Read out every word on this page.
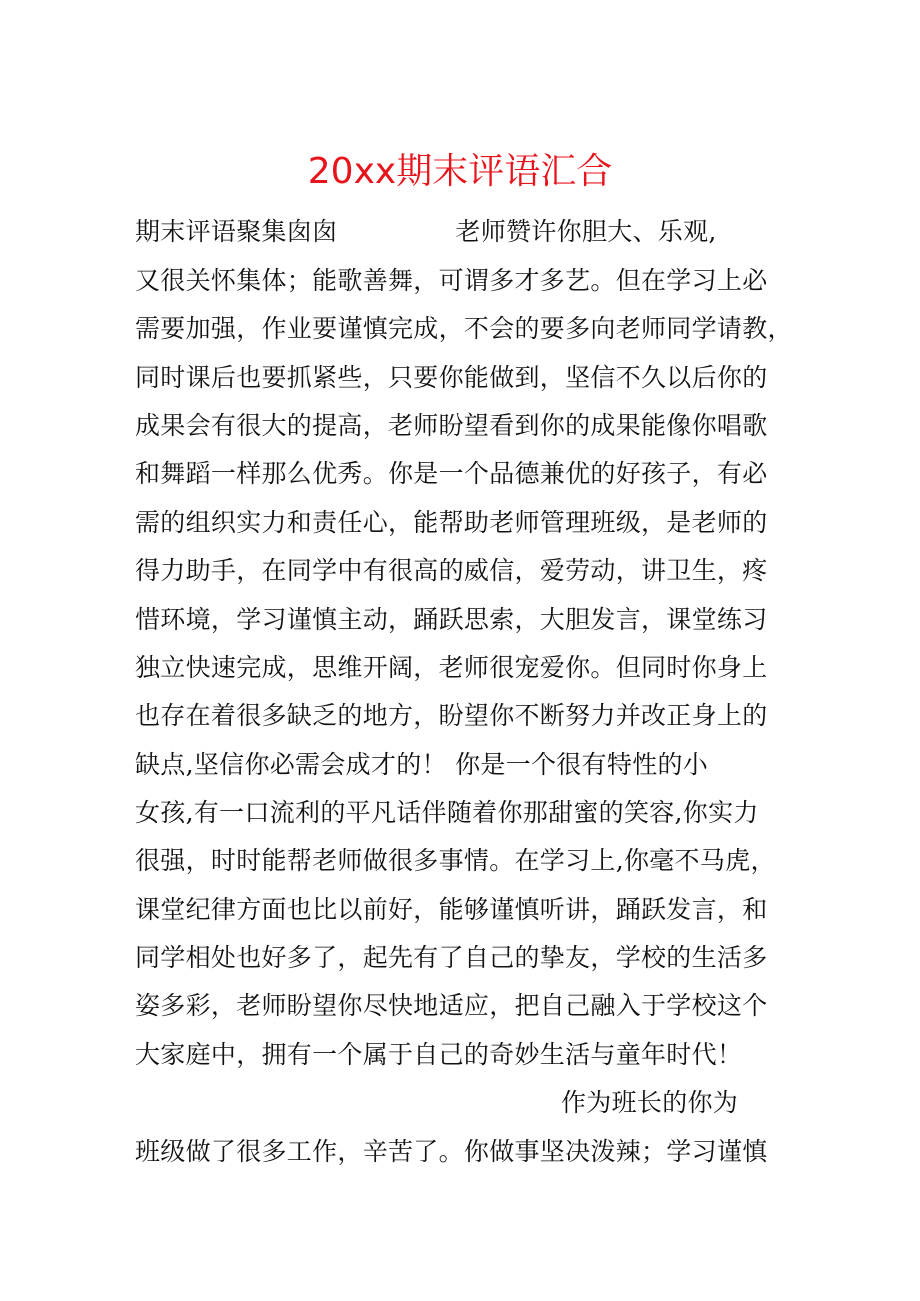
20xx期末评语汇合
期末评语聚集囱囱	老师赞许你胆大、乐观,
又很关怀集体；能歌善舞，可谓多才多艺。但在学习上必
需要加强，作业要谨慎完成，不会的要多向老师同学请教，
同时课后也要抓紧些，只要你能做到，坚信不久以后你的
成果会有很大的提高，老师盼望看到你的成果能像你唱歌
和舞蹈一样那么优秀。你是一个品德兼优的好孩子，有必
需的组织实力和责任心，能帮助老师管理班级，是老师的
得力助手，在同学中有很高的威信，爱劳动，讲卫生，疼
惜环境，学习谨慎主动，踊跃思索，大胆发言，课堂练习
独立快速完成，思维开阔，老师很宠爱你。但同时你身上
也存在着很多缺乏的地方，盼望你不断努力并改正身上的
缺点,坚信你必需会成才的！ 你是一个很有特性的小
女孩,有一口流利的平凡话伴随着你那甜蜜的笑容,你实力
很强，时时能帮老师做很多事情。在学习上,你毫不马虎，
课堂纪律方面也比以前好，能够谨慎听讲，踊跃发言，和
同学相处也好多了，起先有了自己的挚友，学校的生活多
姿多彩，老师盼望你尽快地适应，把自己融入于学校这个
大家庭中，拥有一个属于自己的奇妙生活与童年时代！
作为班长的你为
班级做了很多工作，辛苦了。你做事坚决泼辣；学习谨慎
